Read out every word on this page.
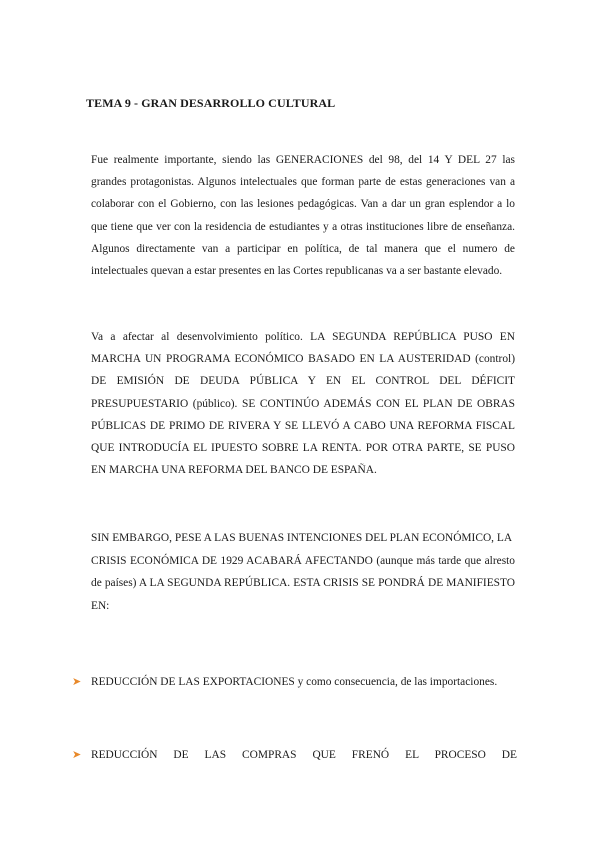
TEMA 9 - GRAN DESARROLLO CULTURAL

Fue realmente importante, siendo las GENERACIONES del 98, del 14 Y DEL 27 las grandes protagonistas. Algunos intelectuales que forman parte de estas generaciones van a colaborar con el Gobierno, con las lesiones pedagógicas. Van a dar un gran esplendor a lo que tiene que ver con la residencia de estudiantes y a otras instituciones libre de enseñanza. Algunos directamente van a participar en política, de tal manera que el numero de intelectuales quevan a estar presentes en las Cortes republicanas va a ser bastante elevado.

Va a afectar al desenvolvimiento político. LA SEGUNDA REPÚBLICA PUSO EN MARCHA UN PROGRAMA ECONÓMICO BASADO EN LA AUSTERIDAD (control) DE EMISIÓN DE DEUDA PÚBLICA Y EN EL CONTROL DEL DÉFICIT PRESUPUESTARIO (público). SE CONTINÚO ADEMÁS CON EL PLAN DE OBRAS PÚBLICAS DE PRIMO DE RIVERA Y SE LLEVÓ A CABO UNA REFORMA FISCAL QUE INTRODUCÍA EL IPUESTO SOBRE LA RENTA. POR OTRA PARTE, SE PUSO EN MARCHA UNA REFORMA DEL BANCO DE ESPAÑA.

SIN EMBARGO, PESE A LAS BUENAS INTENCIONES DEL PLAN ECONÓMICO, LA
CRISIS ECONÓMICA DE 1929 ACABARÁ AFECTANDO (aunque más tarde que alresto de países) A LA SEGUNDA REPÚBLICA. ESTA CRISIS SE PONDRÁ DE MANIFIESTO EN:

➤ REDUCCIÓN DE LAS EXPORTACIONES y como consecuencia, de las importaciones.
➤ REDUCCIÓN DE LAS COMPRAS QUE FRENÓ EL PROCESO DE
